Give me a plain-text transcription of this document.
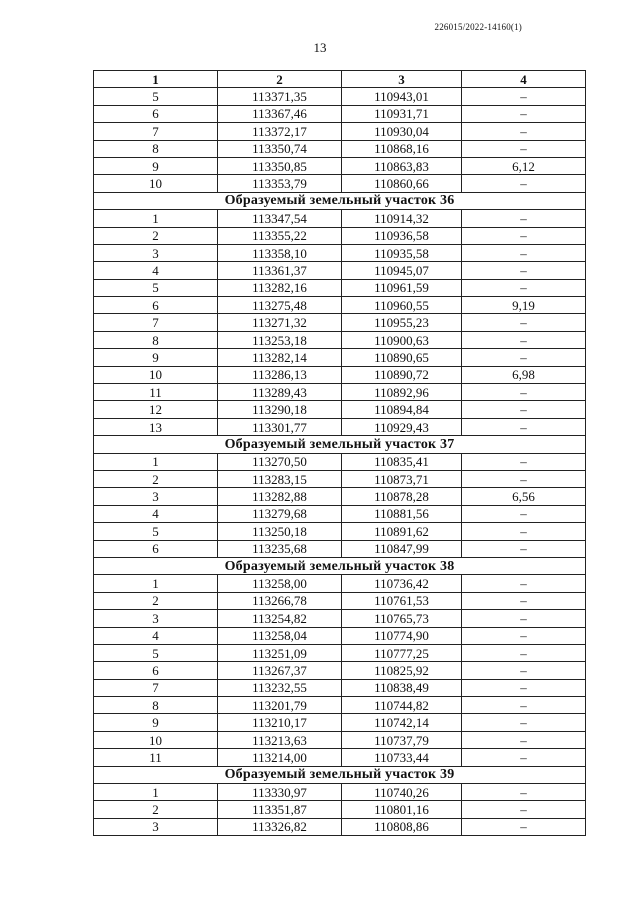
226015/2022-14160(1)
13
1	2	3	4
5	113371,35	110943,01	–
6	113367,46	110931,71	–
7	113372,17	110930,04	–
8	113350,74	110868,16	–
9	113350,85	110863,83	6,12
10	113353,79	110860,66	–
Образуемый земельный участок 36			
1	113347,54	110914,32	–
2	113355,22	110936,58	–
3	113358,10	110935,58	–
4	113361,37	110945,07	–
5	113282,16	110961,59	–
6	113275,48	110960,55	9,19
7	113271,32	110955,23	–
8	113253,18	110900,63	–
9	113282,14	110890,65	–
10	113286,13	110890,72	6,98
11	113289,43	110892,96	–
12	113290,18	110894,84	–
13	113301,77	110929,43	–
Образуемый земельный участок 37			
1	113270,50	110835,41	–
2	113283,15	110873,71	–
3	113282,88	110878,28	6,56
4	113279,68	110881,56	–
5	113250,18	110891,62	–
6	113235,68	110847,99	–
Образуемый земельный участок 38			
1	113258,00	110736,42	–
2	113266,78	110761,53	–
3	113254,82	110765,73	–
4	113258,04	110774,90	–
5	113251,09	110777,25	–
6	113267,37	110825,92	–
7	113232,55	110838,49	–
8	113201,79	110744,82	–
9	113210,17	110742,14	–
10	113213,63	110737,79	–
11	113214,00	110733,44	–
Образуемый земельный участок 39			
1	113330,97	110740,26	–
2	113351,87	110801,16	–
3	113326,82	110808,86	–
